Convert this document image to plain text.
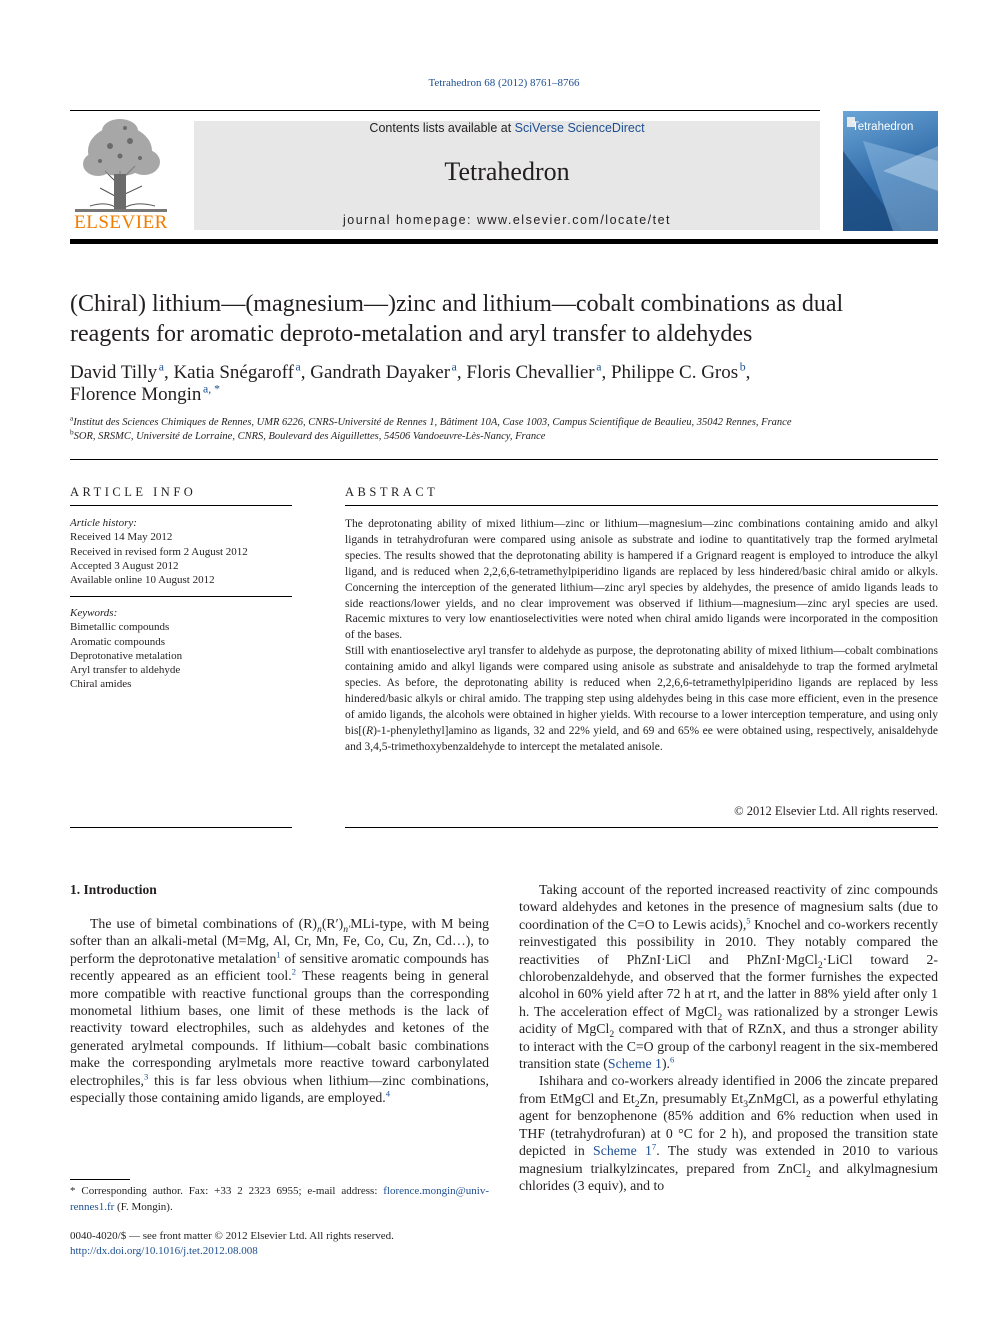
Tetrahedron 68 (2012) 8761–8766
ELSEVIER
Contents lists available at SciVerse ScienceDirect
Tetrahedron
journal homepage: www.elsevier.com/locate/tet
Tetrahedron
(Chiral) lithium—(magnesium—)zinc and lithium—cobalt combinations as dual
reagents for aromatic deproto-metalation and aryl transfer to aldehydes
David Tilly  $^a$, Katia Snégaroff  $^a$, Gandrath Dayaker  $^a$, Floris Chevallier  $^a$, Philippe C. Gros  $^b$,
Florence Mongin  $^{a, *}$
$^a$Institut des Sciences Chimiques de Rennes, UMR 6226, CNRS-Université de Rennes 1, Bâtiment 10A, Case 1003, Campus Scientifique de Beaulieu, 35042 Rennes, France
$^b$SOR, SRSMC, Université de Lorraine, CNRS, Boulevard des Aiguillettes, 54506 Vandoeuvre-Lès-Nancy, France
ARTICLE INFO
Article history:
Received 14 May 2012
Received in revised form 2 August 2012
Accepted 3 August 2012
Available online 10 August 2012
Keywords:
Bimetallic compounds
Aromatic compounds
Deprotonative metalation
Aryl transfer to aldehyde
Chiral amides
ABSTRACT

The deprotonating ability of mixed lithium—zinc or lithium—magnesium—zinc combinations containing amido and alkyl ligands in tetrahydrofuran were compared using anisole as substrate and iodine to quantitatively trap the formed arylmetal species. The results showed that the deprotonating ability is hampered if a Grignard reagent is employed to introduce the alkyl ligand, and is reduced when 2,2,6,6-tetramethylpiperidino ligands are replaced by less hindered/basic chiral amido or alkyls. Concerning the interception of the generated lithium—zinc aryl species by aldehydes, the presence of amido ligands leads to side reactions/lower yields, and no clear improvement was observed if lithium—magnesium—zinc aryl species are used. Racemic mixtures to very low enantioselectivities were noted when chiral amido ligands were incorporated in the composition of the bases.

Still with enantioselective aryl transfer to aldehyde as purpose, the deprotonating ability of mixed lithium—cobalt combinations containing amido and alkyl ligands were compared using anisole as substrate and anisaldehyde to trap the formed arylmetal species. As before, the deprotonating ability is reduced when 2,2,6,6-tetramethylpiperidino ligands are replaced by less hindered/basic alkyls or chiral amido. The trapping step using aldehydes being in this case more efficient, even in the presence of amido ligands, the alcohols were obtained in higher yields. With recourse to a lower interception temperature, and using only bis[(R)-1-phenylethyl]amino as ligands, 32 and 22% yield, and 69 and 65% ee were obtained using, respectively, anisaldehyde and 3,4,5-trimethoxybenzaldehyde to intercept the metalated anisole.

© 2012 Elsevier Ltd. All rights reserved.
1. Introduction

The use of bimetal combinations of $(R)_n(R')_{n'}MLi$-type, with M being softer than an alkali-metal (M=Mg, Al, Cr, Mn, Fe, Co, Cu, Zn, Cd…), to perform the deprotonative metalation$^1$ of sensitive aromatic compounds has recently appeared as an efficient tool.$^2$ These reagents being in general more compatible with reactive functional groups than the corresponding monometal lithium bases, one limit of these methods is the lack of reactivity toward electrophiles, such as aldehydes and ketones of the generated arylmetal compounds. If lithium—cobalt basic combinations make the corresponding arylmetals more reactive toward carbonylated electrophiles,$^3$ this is far less obvious when lithium—zinc combinations, especially those containing amido ligands, are employed.$^4$

Taking account of the reported increased reactivity of zinc compounds toward aldehydes and ketones in the presence of magnesium salts (due to coordination of the C=O to Lewis acids),$^5$ Knochel and co-workers recently reinvestigated this possibility in 2010. They notably compared the reactivities of PhZnI·LiCl and PhZnI·MgCl$_2$·LiCl toward 2-chlorobenzaldehyde, and observed that the former furnishes the expected alcohol in 60% yield after 72 h at rt, and the latter in 88% yield after only 1 h. The acceleration effect of MgCl$_2$ was rationalized by a stronger Lewis acidity of MgCl$_2$ compared with that of RZnX, and thus a stronger ability to interact with the C=O group of the carbonyl reagent in the six-membered transition state (Scheme 1).$^6$

Ishihara and co-workers already identified in 2006 the zincate prepared from EtMgCl and $Et_2Zn$, presumably $Et_3ZnMgCl$, as a powerful ethylating agent for benzophenone (85% addition and 6% reduction when used in THF (tetrahydrofuran) at 0 °C for 2 h), and proposed the transition state depicted in Scheme $1^7$. The study was extended in 2010 to various magnesium trialkylzincates, prepared from ZnCl$_2$ and alkylmagnesium chlorides (3 equiv), and to

* Corresponding author. Fax: +33 2 2323 6955; e-mail address: florence.mongin@univ-rennes1.fr (F. Mongin).
0040-4020/$ — see front matter © 2012 Elsevier Ltd. All rights reserved.
http://dx.doi.org/10.1016/j.tet.2012.08.008
